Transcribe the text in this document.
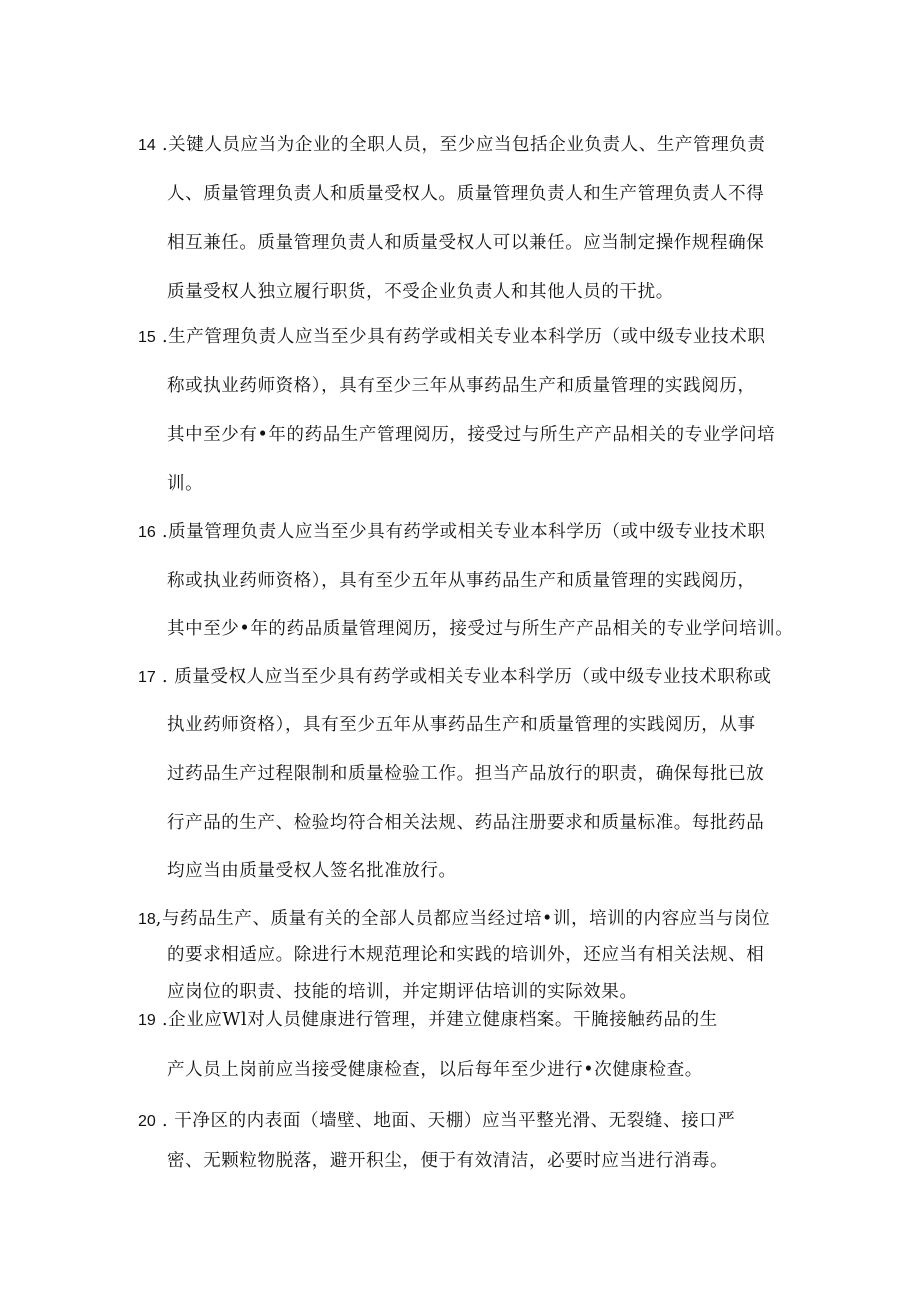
14 .关键人员应当为企业的全职人员，至少应当包括企业负责人、生产管理负责
人、质量管理负责人和质量受权人。质量管理负责人和生产管理负责人不得
相互兼任。质量管理负责人和质量受权人可以兼任。应当制定操作规程确保
质量受权人独立履行职货，不受企业负责人和其他人员的干扰。
15 .生产管理负责人应当至少具有药学或相关专业本科学历（或中级专业技术职
称或执业药师资格），具有至少三年从事药品生产和质量管理的实践阅历，
其中至少有•年的药品生产管理阅历，接受过与所生产产品相关的专业学问培
训。
16 .质量管理负责人应当至少具有药学或相关专业本科学历（或中级专业技术职
称或执业药师资格），具有至少五年从事药品生产和质量管理的实践阅历，
其中至少•年的药品质量管理阅历，接受过与所生产产品相关的专业学问培训。
17 . 质量受权人应当至少具有药学或相关专业本科学历（或中级专业技术职称或
执业药师资格），具有至少五年从事药品生产和质量管理的实践阅历，从事
过药品生产过程限制和质量检验工作。担当产品放行的职责，确保每批已放
行产品的生产、检验均符合相关法规、药品注册要求和质量标准。每批药品
均应当由质量受权人签名批准放行。
18,与药品生产、质量有关的全部人员都应当经过培•训，培训的内容应当与岗位
的要求相适应。除进行木规范理论和实践的培训外，还应当有相关法规、相
应岗位的职责、技能的培训，并定期评估培训的实际效果。
19 .企业应Wl对人员健康进行管理，并建立健康档案。干腌接触药品的生
产人员上岗前应当接受健康检查，以后每年至少进行•次健康检查。
20 . 干净区的内表面（墙壁、地面、天棚）应当平整光滑、无裂缝、接口严
密、无颗粒物脱落，避开积尘，便于有效清洁，必要时应当进行消毒。
